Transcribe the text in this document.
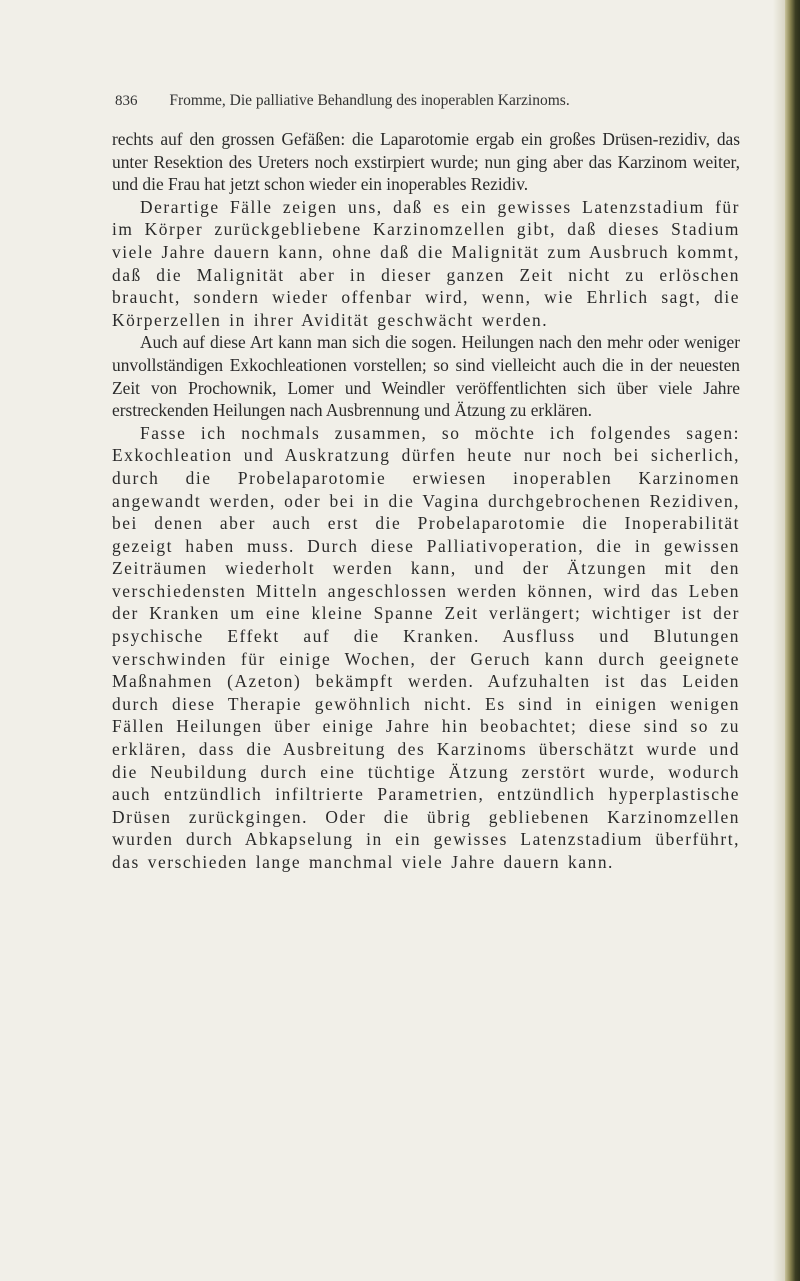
836 Fromme, Die palliative Behandlung des inoperablen Karzinoms.

rechts auf den grossen Gefäßen: die Laparotomie ergab ein großes Drüsen-rezidiv, das unter Resektion des Ureters noch exstirpiert wurde; nun ging aber das Karzinom weiter, und die Frau hat jetzt schon wieder ein inoperables Rezidiv.

Derartige Fälle zeigen uns, daß es ein gewisses Latenzstadium für im Körper zurückgebliebene Karzinomzellen gibt, daß dieses Stadium viele Jahre dauern kann, ohne daß die Malignität zum Ausbruch kommt, daß die Malignität aber in dieser ganzen Zeit nicht zu erlöschen braucht, sondern wieder offenbar wird, wenn, wie Ehrlich sagt, die Körperzellen in ihrer Avidität geschwächt werden.

Auch auf diese Art kann man sich die sogen. Heilungen nach den mehr oder weniger unvollständigen Exkochleationen vorstellen; so sind vielleicht auch die in der neuesten Zeit von Prochownik, Lomer und Weindler veröffentlichten sich über viele Jahre erstreckenden Heilungen nach Ausbrennung und Ätzung zu erklären.

Fasse ich nochmals zusammen, so möchte ich folgendes sagen: Exkochleation und Auskratzung dürfen heute nur noch bei sicherlich, durch die Probelaparotomie erwiesen inoperablen Karzinomen angewandt werden, oder bei in die Vagina durchgebrochenen Rezidiven, bei denen aber auch erst die Probelaparotomie die Inoperabilität gezeigt haben muss. Durch diese Palliativoperation, die in gewissen Zeiträumen wiederholt werden kann, und der Ätzungen mit den verschiedensten Mitteln angeschlossen werden können, wird das Leben der Kranken um eine kleine Spanne Zeit verlängert; wichtiger ist der psychische Effekt auf die Kranken. Ausfluss und Blutungen verschwinden für einige Wochen, der Geruch kann durch geeignete Maßnahmen (Azeton) bekämpft werden. Aufzuhalten ist das Leiden durch diese Therapie gewöhnlich nicht. Es sind in einigen wenigen Fällen Heilungen über einige Jahre hin beobachtet; diese sind so zu erklären, dass die Ausbreitung des Karzinoms überschätzt wurde und die Neubildung durch eine tüchtige Ätzung zerstört wurde, wodurch auch entzündlich infiltrierte Parametrien, entzündlich hyperplastische Drüsen zurückgingen. Oder die übrig gebliebenen Karzinomzellen wurden durch Abkapselung in ein gewisses Latenzstadium überführt, das verschieden lange manchmal viele Jahre dauern kann.
